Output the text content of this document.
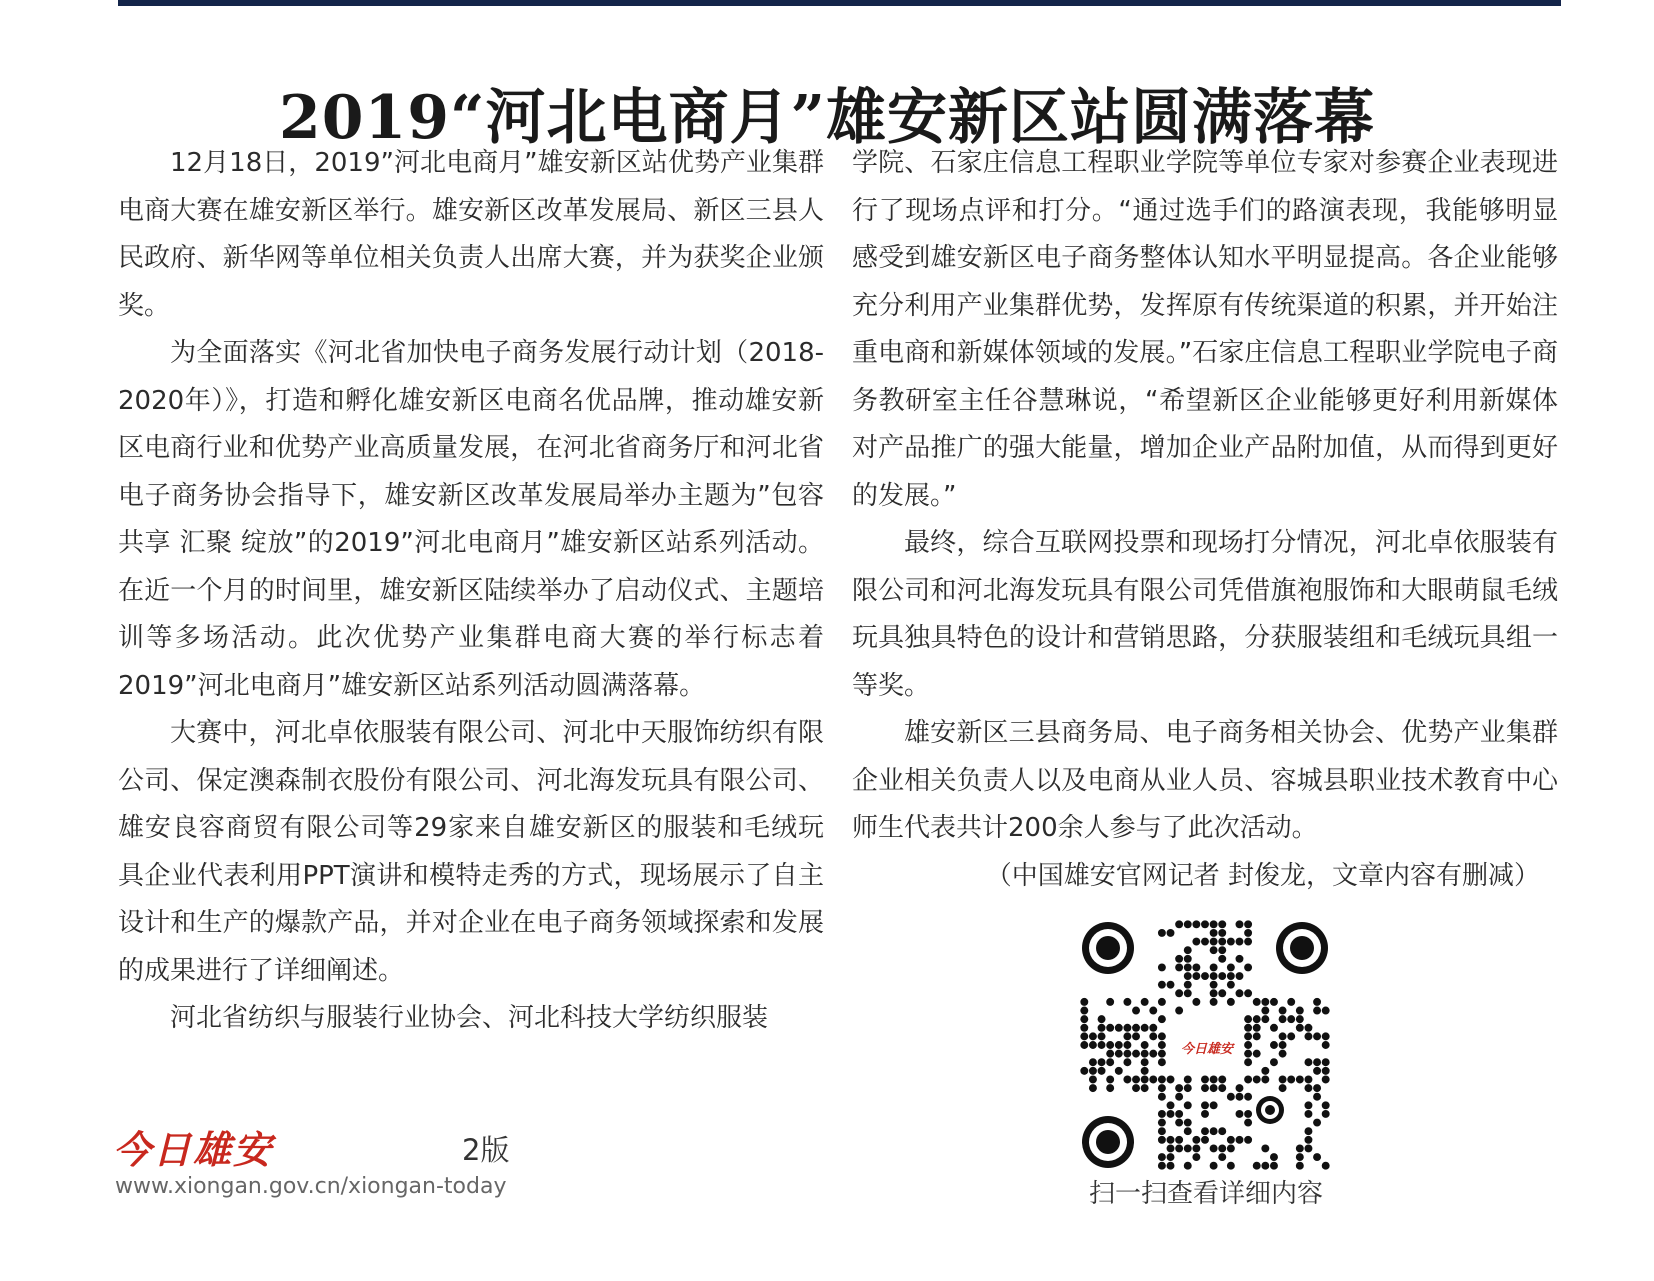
2019“河北电商月”雄安新区站圆满落幕

12月18日，2019”河北电商月”雄安新区站优势产业集群电商大赛在雄安新区举行。雄安新区改革发展局、新区三县人民政府、新华网等单位相关负责人出席大赛，并为获奖企业颁奖。

为全面落实《河北省加快电子商务发展行动计划（2018-2020年）》，打造和孵化雄安新区电商名优品牌，推动雄安新区电商行业和优势产业高质量发展，在河北省商务厅和河北省电子商务协会指导下，雄安新区改革发展局举办主题为”包容 共享 汇聚 绽放”的2019”河北电商月”雄安新区站系列活动。在近一个月的时间里，雄安新区陆续举办了启动仪式、主题培训等多场活动。此次优势产业集群电商大赛的举行标志着2019”河北电商月”雄安新区站系列活动圆满落幕。

大赛中，河北卓依服装有限公司、河北中天服饰纺织有限公司、保定澳森制衣股份有限公司、河北海发玩具有限公司、雄安良容商贸有限公司等29家来自雄安新区的服装和毛绒玩具企业代表利用PPT演讲和模特走秀的方式，现场展示了自主设计和生产的爆款产品，并对企业在电子商务领域探索和发展的成果进行了详细阐述。

河北省纺织与服装行业协会、河北科技大学纺织服装

学院、石家庄信息工程职业学院等单位专家对参赛企业表现进行了现场点评和打分。“通过选手们的路演表现，我能够明显感受到雄安新区电子商务整体认知水平明显提高。各企业能够充分利用产业集群优势，发挥原有传统渠道的积累，并开始注重电商和新媒体领域的发展。”石家庄信息工程职业学院电子商务教研室主任谷慧琳说，“希望新区企业能够更好利用新媒体对产品推广的强大能量，增加企业产品附加值，从而得到更好的发展。”

最终，综合互联网投票和现场打分情况，河北卓依服装有限公司和河北海发玩具有限公司凭借旗袍服饰和大眼萌鼠毛绒玩具独具特色的设计和营销思路，分获服装组和毛绒玩具组一等奖。

雄安新区三县商务局、电子商务相关协会、优势产业集群企业相关负责人以及电商从业人员、容城县职业技术教育中心师生代表共计200余人参与了此次活动。

（中国雄安官网记者 封俊龙，文章内容有删减）

今日雄安	2版
www.xiongan.gov.cn/xiongan-today
今日雄安
扫一扫查看详细内容
